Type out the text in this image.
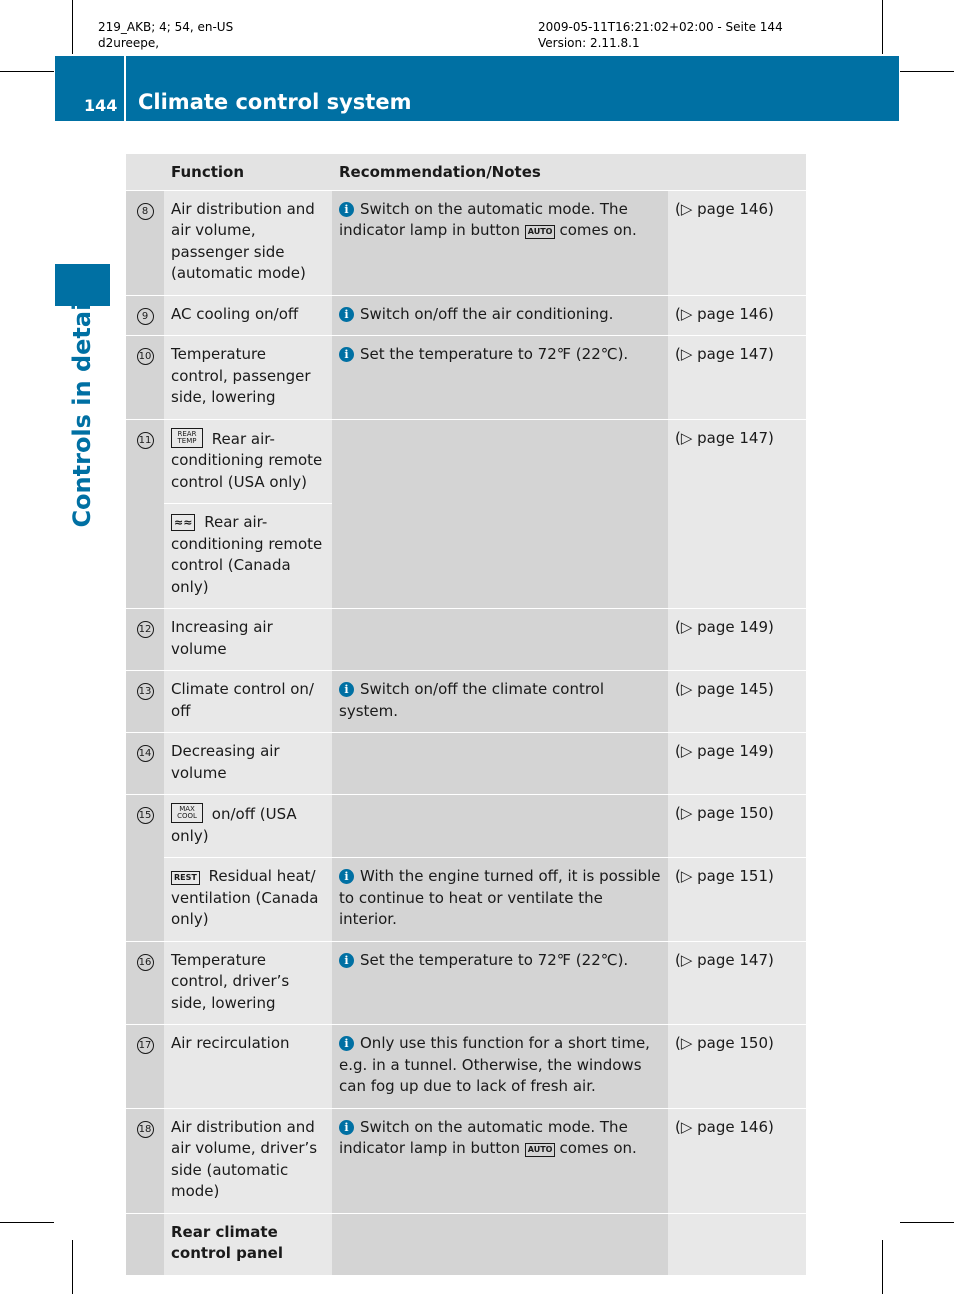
219_AKB; 4; 54, en-US
d2ureepe,
2009-05-11T16:21:02+02:00 - Seite 144
Version: 2.11.8.1
144 Climate control system
Controls in detail
	Function	Recommendation/Notes	
8	Air distribution and air volume, passenger side (automatic mode)	i Switch on the automatic mode. The indicator lamp in button AUTO comes on.	(▷ page 146)
9	AC cooling on/off	i Switch on/off the air conditioning.	(▷ page 146)
10	Temperature control, passenger side, lowering	i Set the temperature to 72℉ (22℃).	(▷ page 147)
11	REAR TEMP Rear air-conditioning remote control (USA only)		(▷ page 147)
	≈≈ Rear air-conditioning remote control (Canada only)		
12	Increasing air volume		(▷ page 149)
13	Climate control on/ off	i Switch on/off the climate control system.	(▷ page 145)
14	Decreasing air volume		(▷ page 149)
15	MAX COOL on/off (USA only)		(▷ page 150)
	REST Residual heat/ ventilation (Canada only)	i With the engine turned off, it is possible to continue to heat or ventilate the interior.	(▷ page 151)
16	Temperature control, driver’s side, lowering	i Set the temperature to 72℉ (22℃).	(▷ page 147)
17	Air recirculation	i Only use this function for a short time, e.g. in a tunnel. Otherwise, the windows can fog up due to lack of fresh air.	(▷ page 150)
18	Air distribution and air volume, driver’s side (automatic mode)	i Switch on the automatic mode. The indicator lamp in button AUTO comes on.	(▷ page 146)
	Rear climate control panel		
